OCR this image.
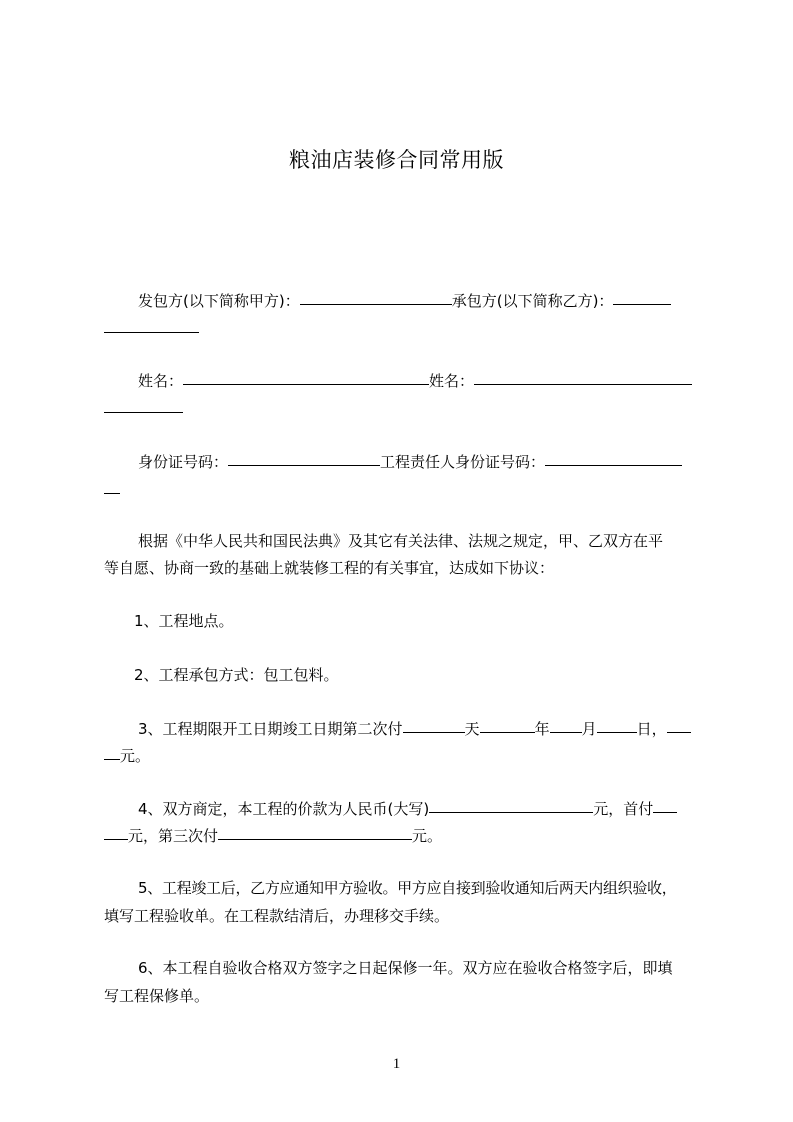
粮油店装修合同常用版
发包方(以下简称甲方)：	承包方(以下简称乙方)：
姓名：	姓名：
身份证号码：	工程责任人身份证号码：
根据《中华人民共和国民法典》及其它有关法律、法规之规定，甲、乙双方在平
等自愿、协商一致的基础上就装修工程的有关事宜，达成如下协议：
1、工程地点。
2、工程承包方式：包工包料。
3、工程期限开工日期竣工日期第二次付	天	年 月	日，
元。
4、双方商定，本工程的价款为人民币(大写)	元，首付
元，第三次付	元。
5、工程竣工后，乙方应通知甲方验收。甲方应自接到验收通知后两天内组织验收，
填写工程验收单。在工程款结清后，办理移交手续。
6、本工程自验收合格双方签字之日起保修一年。双方应在验收合格签字后，即填
写工程保修单。
1
